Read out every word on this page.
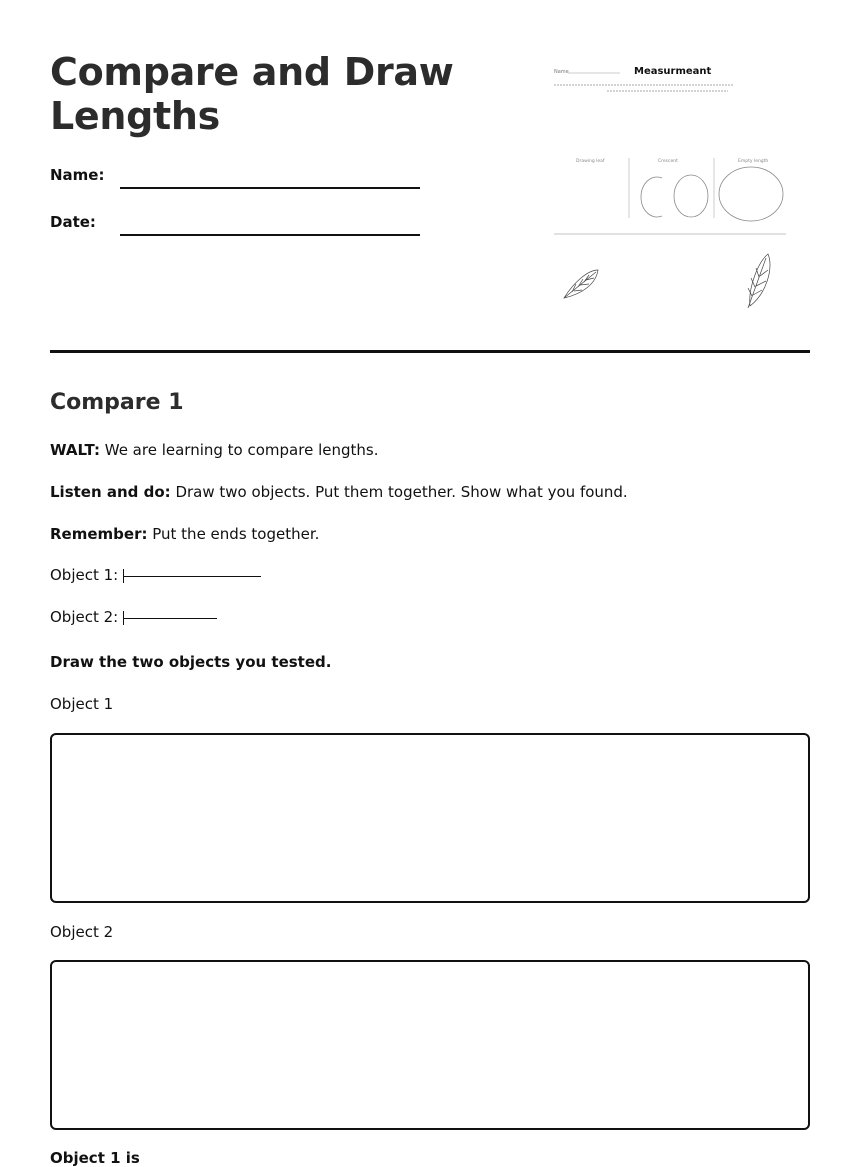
Compare and Draw Lengths
Name:
Date:
Name	Measurmeant
Drawing leaf	Crescent	Empty length
Compare 1
WALT: We are learning to compare lengths.
Listen and do: Draw two objects. Put them together. Show what you found.
Remember: Put the ends together.
Object 1:
Object 2:
Draw the two objects you tested.
Object 1
Object 2
Object 1 is
